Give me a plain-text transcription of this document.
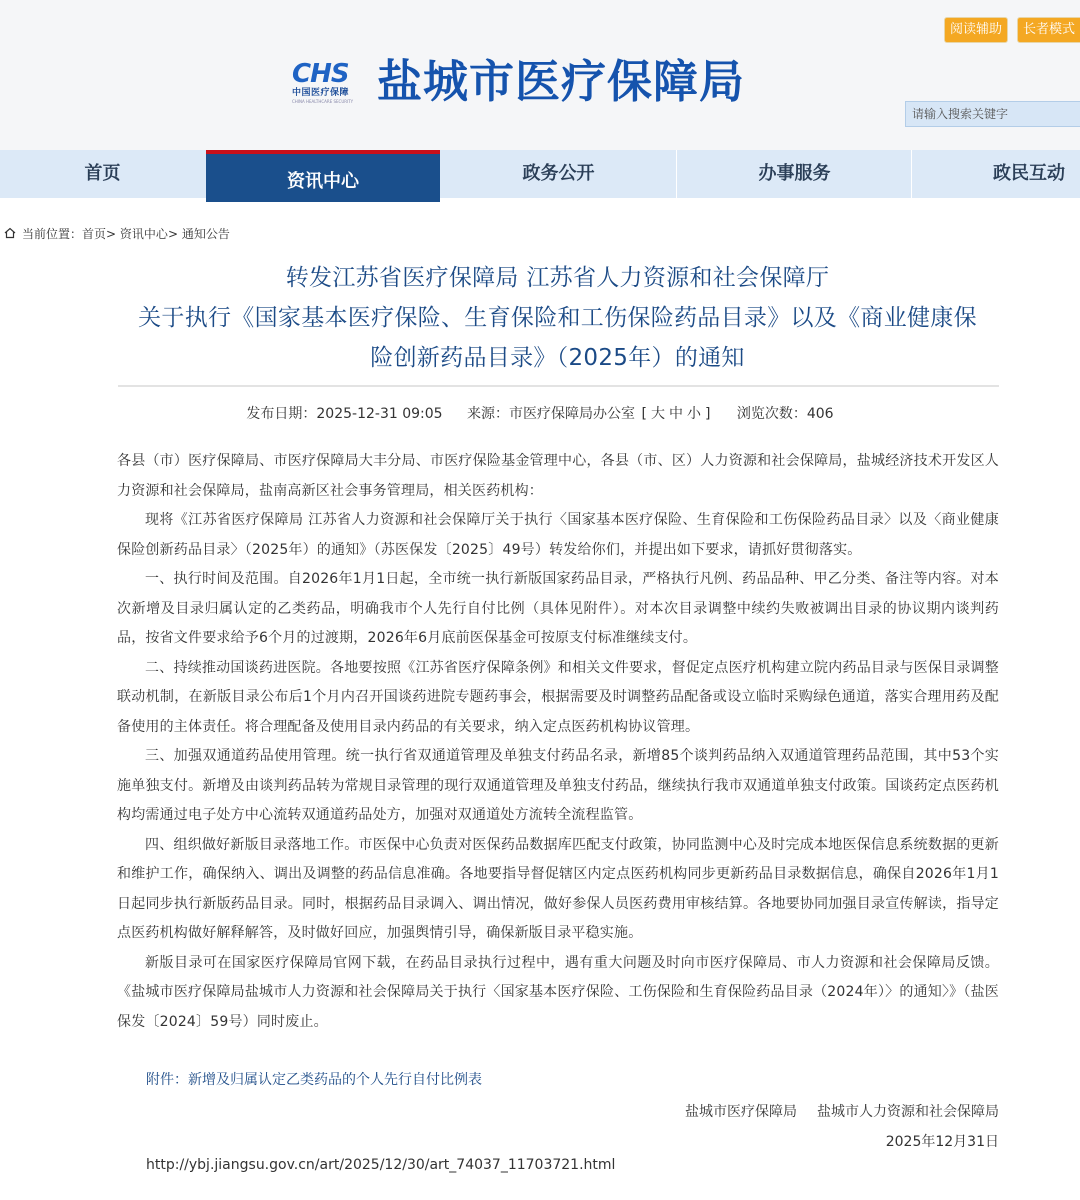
阅读辅助	长者模式
CHS
中国医疗保障
CHINA HEALTHCARE SECURITY 盐城市医疗保障局
请输入搜索关键字
首页	资讯中心	政务公开	办事服务	政民互动
当前位置：首页> 资讯中心> 通知公告
转发江苏省医疗保障局 江苏省人力资源和社会保障厅
关于执行《国家基本医疗保险、生育保险和工伤保险药品目录》以及《商业健康保
险创新药品目录》（2025年）的通知
发布日期：2025-12-31 09:05 来源：市医疗保障局办公室 [ 大 中 小 ] 浏览次数：406

各县（市）医疗保障局、市医疗保障局大丰分局、市医疗保险基金管理中心，各县（市、区）人力资源和社会保障局，盐城经济技术开发区人力资源和社会保障局，盐南高新区社会事务管理局，相关医药机构：

现将《江苏省医疗保障局 江苏省人力资源和社会保障厅关于执行〈国家基本医疗保险、生育保险和工伤保险药品目录〉以及〈商业健康保险创新药品目录〉（2025年）的通知》（苏医保发〔2025〕49号）转发给你们，并提出如下要求，请抓好贯彻落实。

一、执行时间及范围。自2026年1月1日起，全市统一执行新版国家药品目录，严格执行凡例、药品品种、甲乙分类、备注等内容。对本次新增及目录归属认定的乙类药品，明确我市个人先行自付比例（具体见附件）。对本次目录调整中续约失败被调出目录的协议期内谈判药品，按省文件要求给予6个月的过渡期，2026年6月底前医保基金可按原支付标准继续支付。

二、持续推动国谈药进医院。各地要按照《江苏省医疗保障条例》和相关文件要求，督促定点医疗机构建立院内药品目录与医保目录调整联动机制，在新版目录公布后1个月内召开国谈药进院专题药事会，根据需要及时调整药品配备或设立临时采购绿色通道，落实合理用药及配备使用的主体责任。将合理配备及使用目录内药品的有关要求，纳入定点医药机构协议管理。

三、加强双通道药品使用管理。统一执行省双通道管理及单独支付药品名录，新增85个谈判药品纳入双通道管理药品范围，其中53个实施单独支付。新增及由谈判药品转为常规目录管理的现行双通道管理及单独支付药品，继续执行我市双通道单独支付政策。国谈药定点医药机构均需通过电子处方中心流转双通道药品处方，加强对双通道处方流转全流程监管。

四、组织做好新版目录落地工作。市医保中心负责对医保药品数据库匹配支付政策，协同监测中心及时完成本地医保信息系统数据的更新和维护工作，确保纳入、调出及调整的药品信息准确。各地要指导督促辖区内定点医药机构同步更新药品目录数据信息，确保自2026年1月1日起同步执行新版药品目录。同时，根据药品目录调入、调出情况，做好参保人员医药费用审核结算。各地要协同加强目录宣传解读，指导定点医药机构做好解释解答，及时做好回应，加强舆情引导，确保新版目录平稳实施。

新版目录可在国家医疗保障局官网下载，在药品目录执行过程中，遇有重大问题及时向市医疗保障局、市人力资源和社会保障局反馈。《盐城市医疗保障局盐城市人力资源和社会保障局关于执行〈国家基本医疗保险、工伤保险和生育保险药品目录（2024年）〉的通知〉》（盐医保发〔2024〕59号）同时废止。

附件：新增及归属认定乙类药品的个人先行自付比例表
盐城市医疗保障局 盐城市人力资源和社会保障局
2025年12月31日
http://ybj.jiangsu.gov.cn/art/2025/12/30/art_74037_11703721.html
